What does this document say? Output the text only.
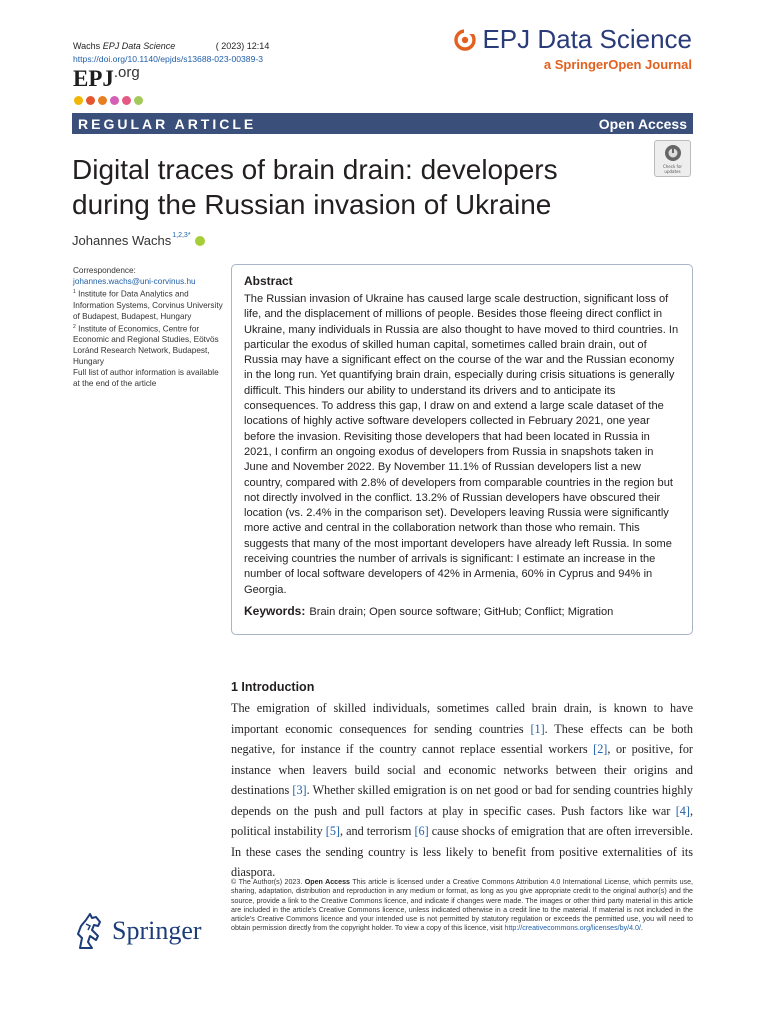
Wachs EPJ Data Science	( 2023) 12:14
https://doi.org/10.1140/epjds/s13688-023-00389-3
EPJ.org
EPJ Data Science
a SpringerOpen Journal
REGULAR ARTICLE	Open Access
Check for updates
Digital traces of brain drain: developers during the Russian invasion of Ukraine
Johannes Wachs$^{1,2,3*}$

Correspondence:

johannes.wachs@uni-corvinus.hu

$^1$ Institute for Data Analytics and Information Systems, Corvinus University of Budapest, Budapest, Hungary

$^2$ Institute of Economics, Centre for Economic and Regional Studies, Eötvös Loránd Research Network, Budapest, Hungary

Full list of author information is available at the end of the article

Abstract
The Russian invasion of Ukraine has caused large scale destruction, significant loss of life, and the displacement of millions of people. Besides those fleeing direct conflict in Ukraine, many individuals in Russia are also thought to have moved to third countries. In particular the exodus of skilled human capital, sometimes called brain drain, out of Russia may have a significant effect on the course of the war and the Russian economy in the long run. Yet quantifying brain drain, especially during crisis situations is generally difficult. This hinders our ability to understand its drivers and to anticipate its consequences. To address this gap, I draw on and extend a large scale dataset of the locations of highly active software developers collected in February 2021, one year before the invasion. Revisiting those developers that had been located in Russia in 2021, I confirm an ongoing exodus of developers from Russia in snapshots taken in June and November 2022. By November 11.1% of Russian developers list a new country, compared with 2.8% of developers from comparable countries in the region but not directly involved in the conflict. 13.2% of Russian developers have obscured their location (vs. 2.4% in the comparison set). Developers leaving Russia were significantly more active and central in the collaboration network than those who remain. This suggests that many of the most important developers have already left Russia. In some receiving countries the number of arrivals is significant: I estimate an increase in the number of local software developers of 42% in Armenia, 60% in Cyprus and 94% in Georgia.
Keywords: Brain drain; Open source software; GitHub; Conflict; Migration
1 Introduction
The emigration of skilled individuals, sometimes called brain drain, is known to have important economic consequences for sending countries [1]. These effects can be both negative, for instance if the country cannot replace essential workers [2], or positive, for instance when leavers build social and economic networks between their origins and destinations [3]. Whether skilled emigration is on net good or bad for sending countries highly depends on the push and pull factors at play in specific cases. Push factors like war [4], political instability [5], and terrorism [6] cause shocks of emigration that are often irreversible. In these cases the sending country is less likely to benefit from positive externalities of its diaspora.
Springer
© The Author(s) 2023. Open Access This article is licensed under a Creative Commons Attribution 4.0 International License, which permits use, sharing, adaptation, distribution and reproduction in any medium or format, as long as you give appropriate credit to the original author(s) and the source, provide a link to the Creative Commons licence, and indicate if changes were made. The images or other third party material in this article are included in the article's Creative Commons licence, unless indicated otherwise in a credit line to the material. If material is not included in the article's Creative Commons licence and your intended use is not permitted by statutory regulation or exceeds the permitted use, you will need to obtain permission directly from the copyright holder. To view a copy of this licence, visit http://creativecommons.org/licenses/by/4.0/.
